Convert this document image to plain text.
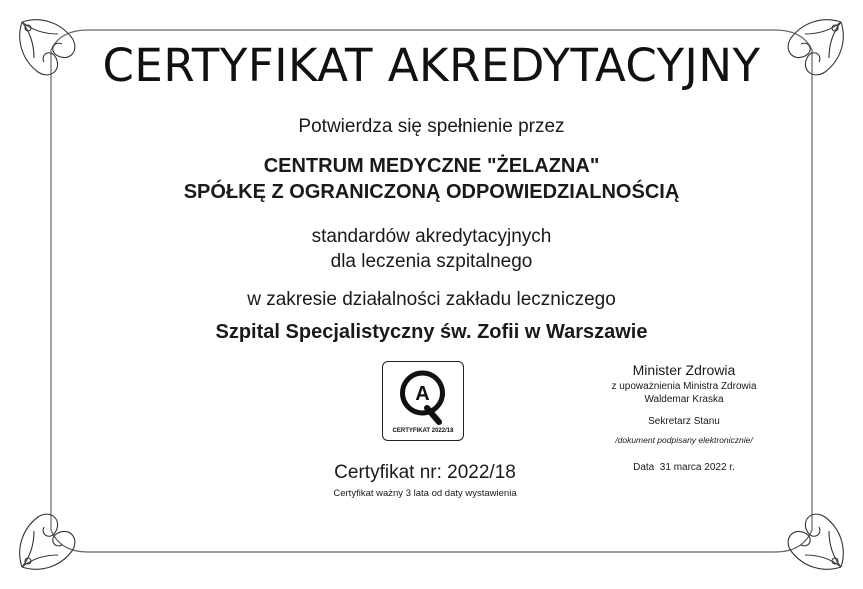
CERTYFIKAT AKREDYTACYJNY
Potwierdza się spełnienie przez
CENTRUM MEDYCZNE "ŻELAZNA"
SPÓŁKĘ Z OGRANICZONĄ ODPOWIEDZIALNOŚCIĄ
standardów akredytacyjnych
dla leczenia szpitalnego
w zakresie działalności zakładu leczniczego
Szpital Specjalistyczny św. Zofii w Warszawie
A
CERTYFIKAT 2022/18
Certyfikat nr: 2022/18
Certyfikat ważny 3 lata od daty wystawienia
Minister Zdrowia
z upoważnienia Ministra Zdrowia
Waldemar Kraska
Sekretarz Stanu
/dokument podpisany elektronicznie/
Data  31 marca 2022 r.
